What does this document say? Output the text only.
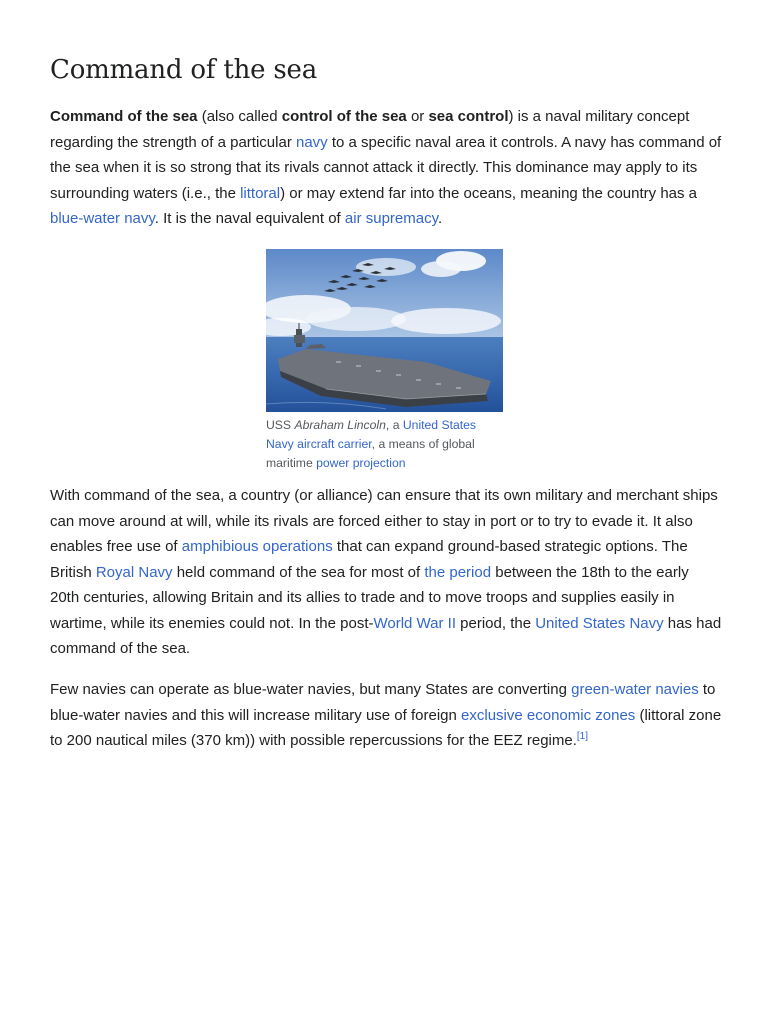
Command of the sea

Command of the sea (also called control of the sea or sea control) is a naval military concept regarding the strength of a particular navy to a specific naval area it controls. A navy has command of the sea when it is so strong that its rivals cannot attack it directly. This dominance may apply to its surrounding waters (i.e., the littoral) or may extend far into the oceans, meaning the country has a blue-water navy. It is the naval equivalent of air supremacy.

USS Abraham Lincoln, a United States Navy aircraft carrier, a means of global maritime power projection

With command of the sea, a country (or alliance) can ensure that its own military and merchant ships can move around at will, while its rivals are forced either to stay in port or to try to evade it. It also enables free use of amphibious operations that can expand ground-based strategic options. The British Royal Navy held command of the sea for most of the period between the 18th to the early 20th centuries, allowing Britain and its allies to trade and to move troops and supplies easily in wartime, while its enemies could not. In the post-World War II period, the United States Navy has had command of the sea.

Few navies can operate as blue-water navies, but many States are converting green-water navies to blue-water navies and this will increase military use of foreign exclusive economic zones (littoral zone to 200 nautical miles (370 km)) with possible repercussions for the EEZ regime.[1]
